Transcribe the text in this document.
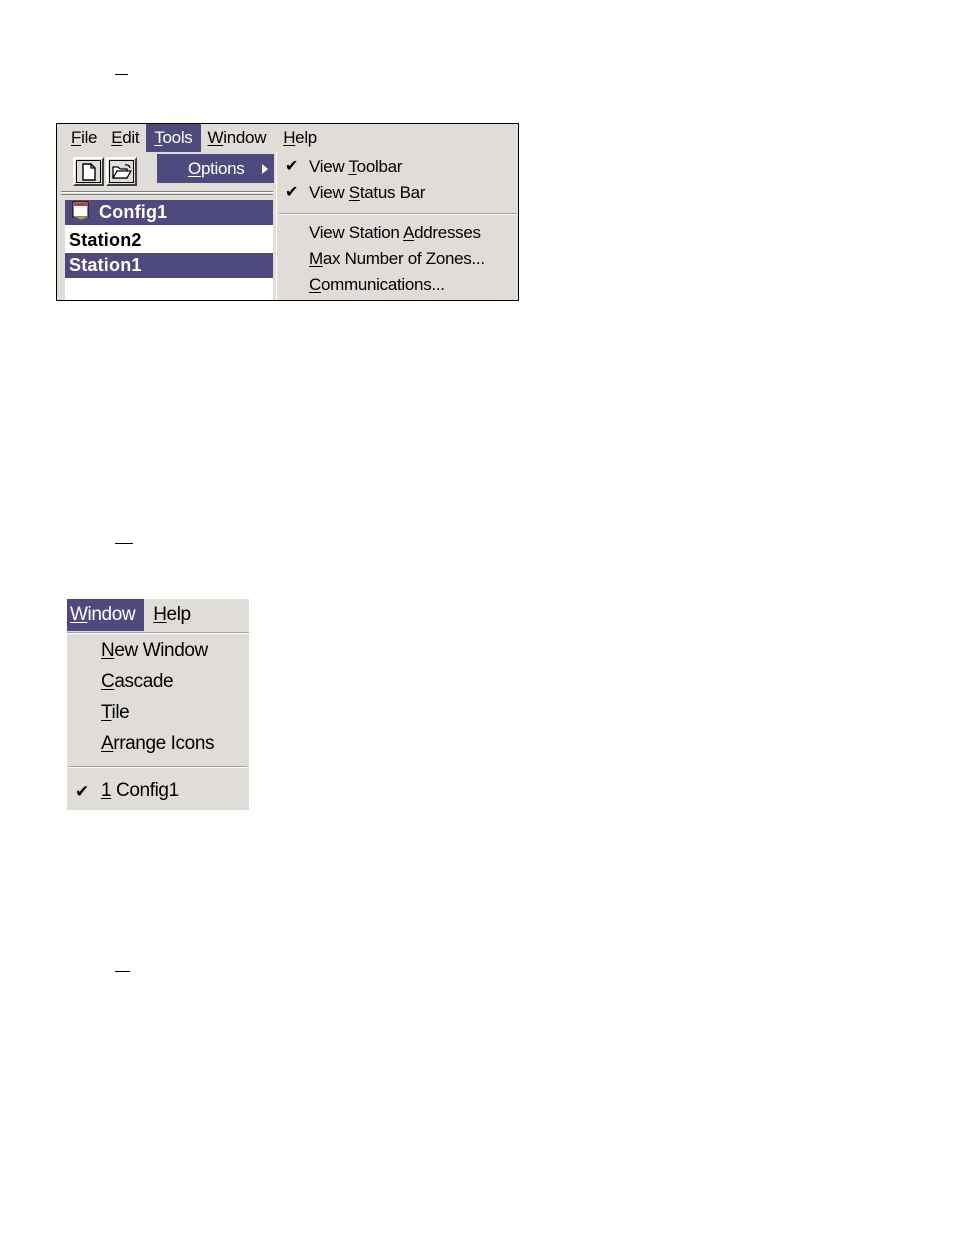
File Edit Tools Window	Help
Config1
Station2
Station1
Options	✔ View Toolbar
✔ View Status Bar
View Station Addresses
Max Number of Zones...
Communications...
Window Help
New Window
Cascade
Tile
Arrange Icons
✔ 1 Config1
